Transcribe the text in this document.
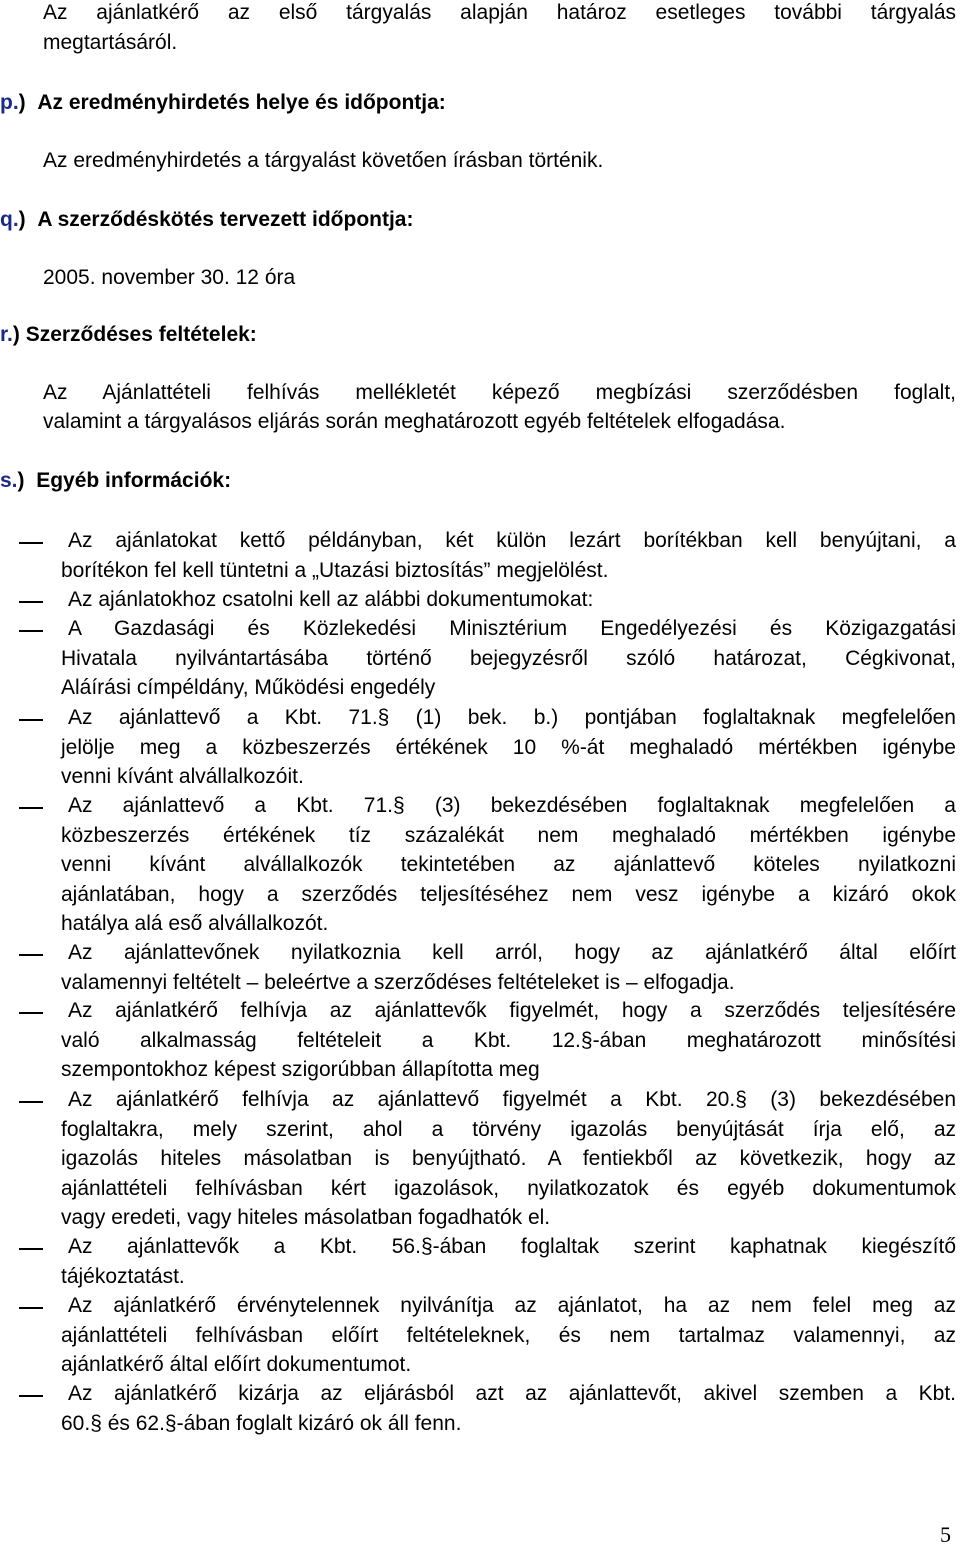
Az ajánlatkérő az első tárgyalás alapján határoz esetleges további tárgyalás
megtartásáról.
p.)  Az eredményhirdetés helye és időpontja:
Az eredményhirdetés a tárgyalást követően írásban történik.
q.)  A szerződéskötés tervezett időpontja:
2005. november 30. 12 óra
r.) Szerződéses feltételek:
Az Ajánlattételi felhívás mellékletét képező megbízási szerződésben foglalt,
valamint a tárgyalásos eljárás során meghatározott egyéb feltételek elfogadása.
s.)  Egyéb információk:
Az ajánlatokat kettő példányban, két külön lezárt borítékban kell benyújtani, a
borítékon fel kell tüntetni a „Utazási biztosítás” megjelölést.
Az ajánlatokhoz csatolni kell az alábbi dokumentumokat:
A Gazdasági és Közlekedési Minisztérium Engedélyezési és Közigazgatási
Hivatala nyilvántartásába történő bejegyzésről szóló határozat, Cégkivonat,
Aláírási címpéldány, Működési engedély
Az ajánlattevő a Kbt. 71.§ (1) bek. b.) pontjában foglaltaknak megfelelően
jelölje meg a közbeszerzés értékének 10 %-át meghaladó mértékben igénybe
venni kívánt alvállalkozóit.
Az ajánlattevő a Kbt. 71.§ (3) bekezdésében foglaltaknak megfelelően a
közbeszerzés értékének tíz százalékát nem meghaladó mértékben igénybe
venni kívánt alvállalkozók tekintetében az ajánlattevő köteles nyilatkozni
ajánlatában, hogy a szerződés teljesítéséhez nem vesz igénybe a kizáró okok
hatálya alá eső alvállalkozót.
Az ajánlattevőnek nyilatkoznia kell arról, hogy az ajánlatkérő által előírt
valamennyi feltételt – beleértve a szerződéses feltételeket is – elfogadja.
Az ajánlatkérő felhívja az ajánlattevők figyelmét, hogy a szerződés teljesítésére
való alkalmasság feltételeit a Kbt. 12.§-ában meghatározott minősítési
szempontokhoz képest szigorúbban állapította meg
Az ajánlatkérő felhívja az ajánlattevő figyelmét a Kbt. 20.§ (3) bekezdésében
foglaltakra, mely szerint, ahol a törvény igazolás benyújtását írja elő, az
igazolás hiteles másolatban is benyújtható. A fentiekből az következik, hogy az
ajánlattételi felhívásban kért igazolások, nyilatkozatok és egyéb dokumentumok
vagy eredeti, vagy hiteles másolatban fogadhatók el.
Az ajánlattevők a Kbt. 56.§-ában foglaltak szerint kaphatnak kiegészítő
tájékoztatást.
Az ajánlatkérő érvénytelennek nyilvánítja az ajánlatot, ha az nem felel meg az
ajánlattételi felhívásban előírt feltételeknek, és nem tartalmaz valamennyi, az
ajánlatkérő által előírt dokumentumot.
Az ajánlatkérő kizárja az eljárásból azt az ajánlattevőt, akivel szemben a Kbt.
60.§ és 62.§-ában foglalt kizáró ok áll fenn.
5
